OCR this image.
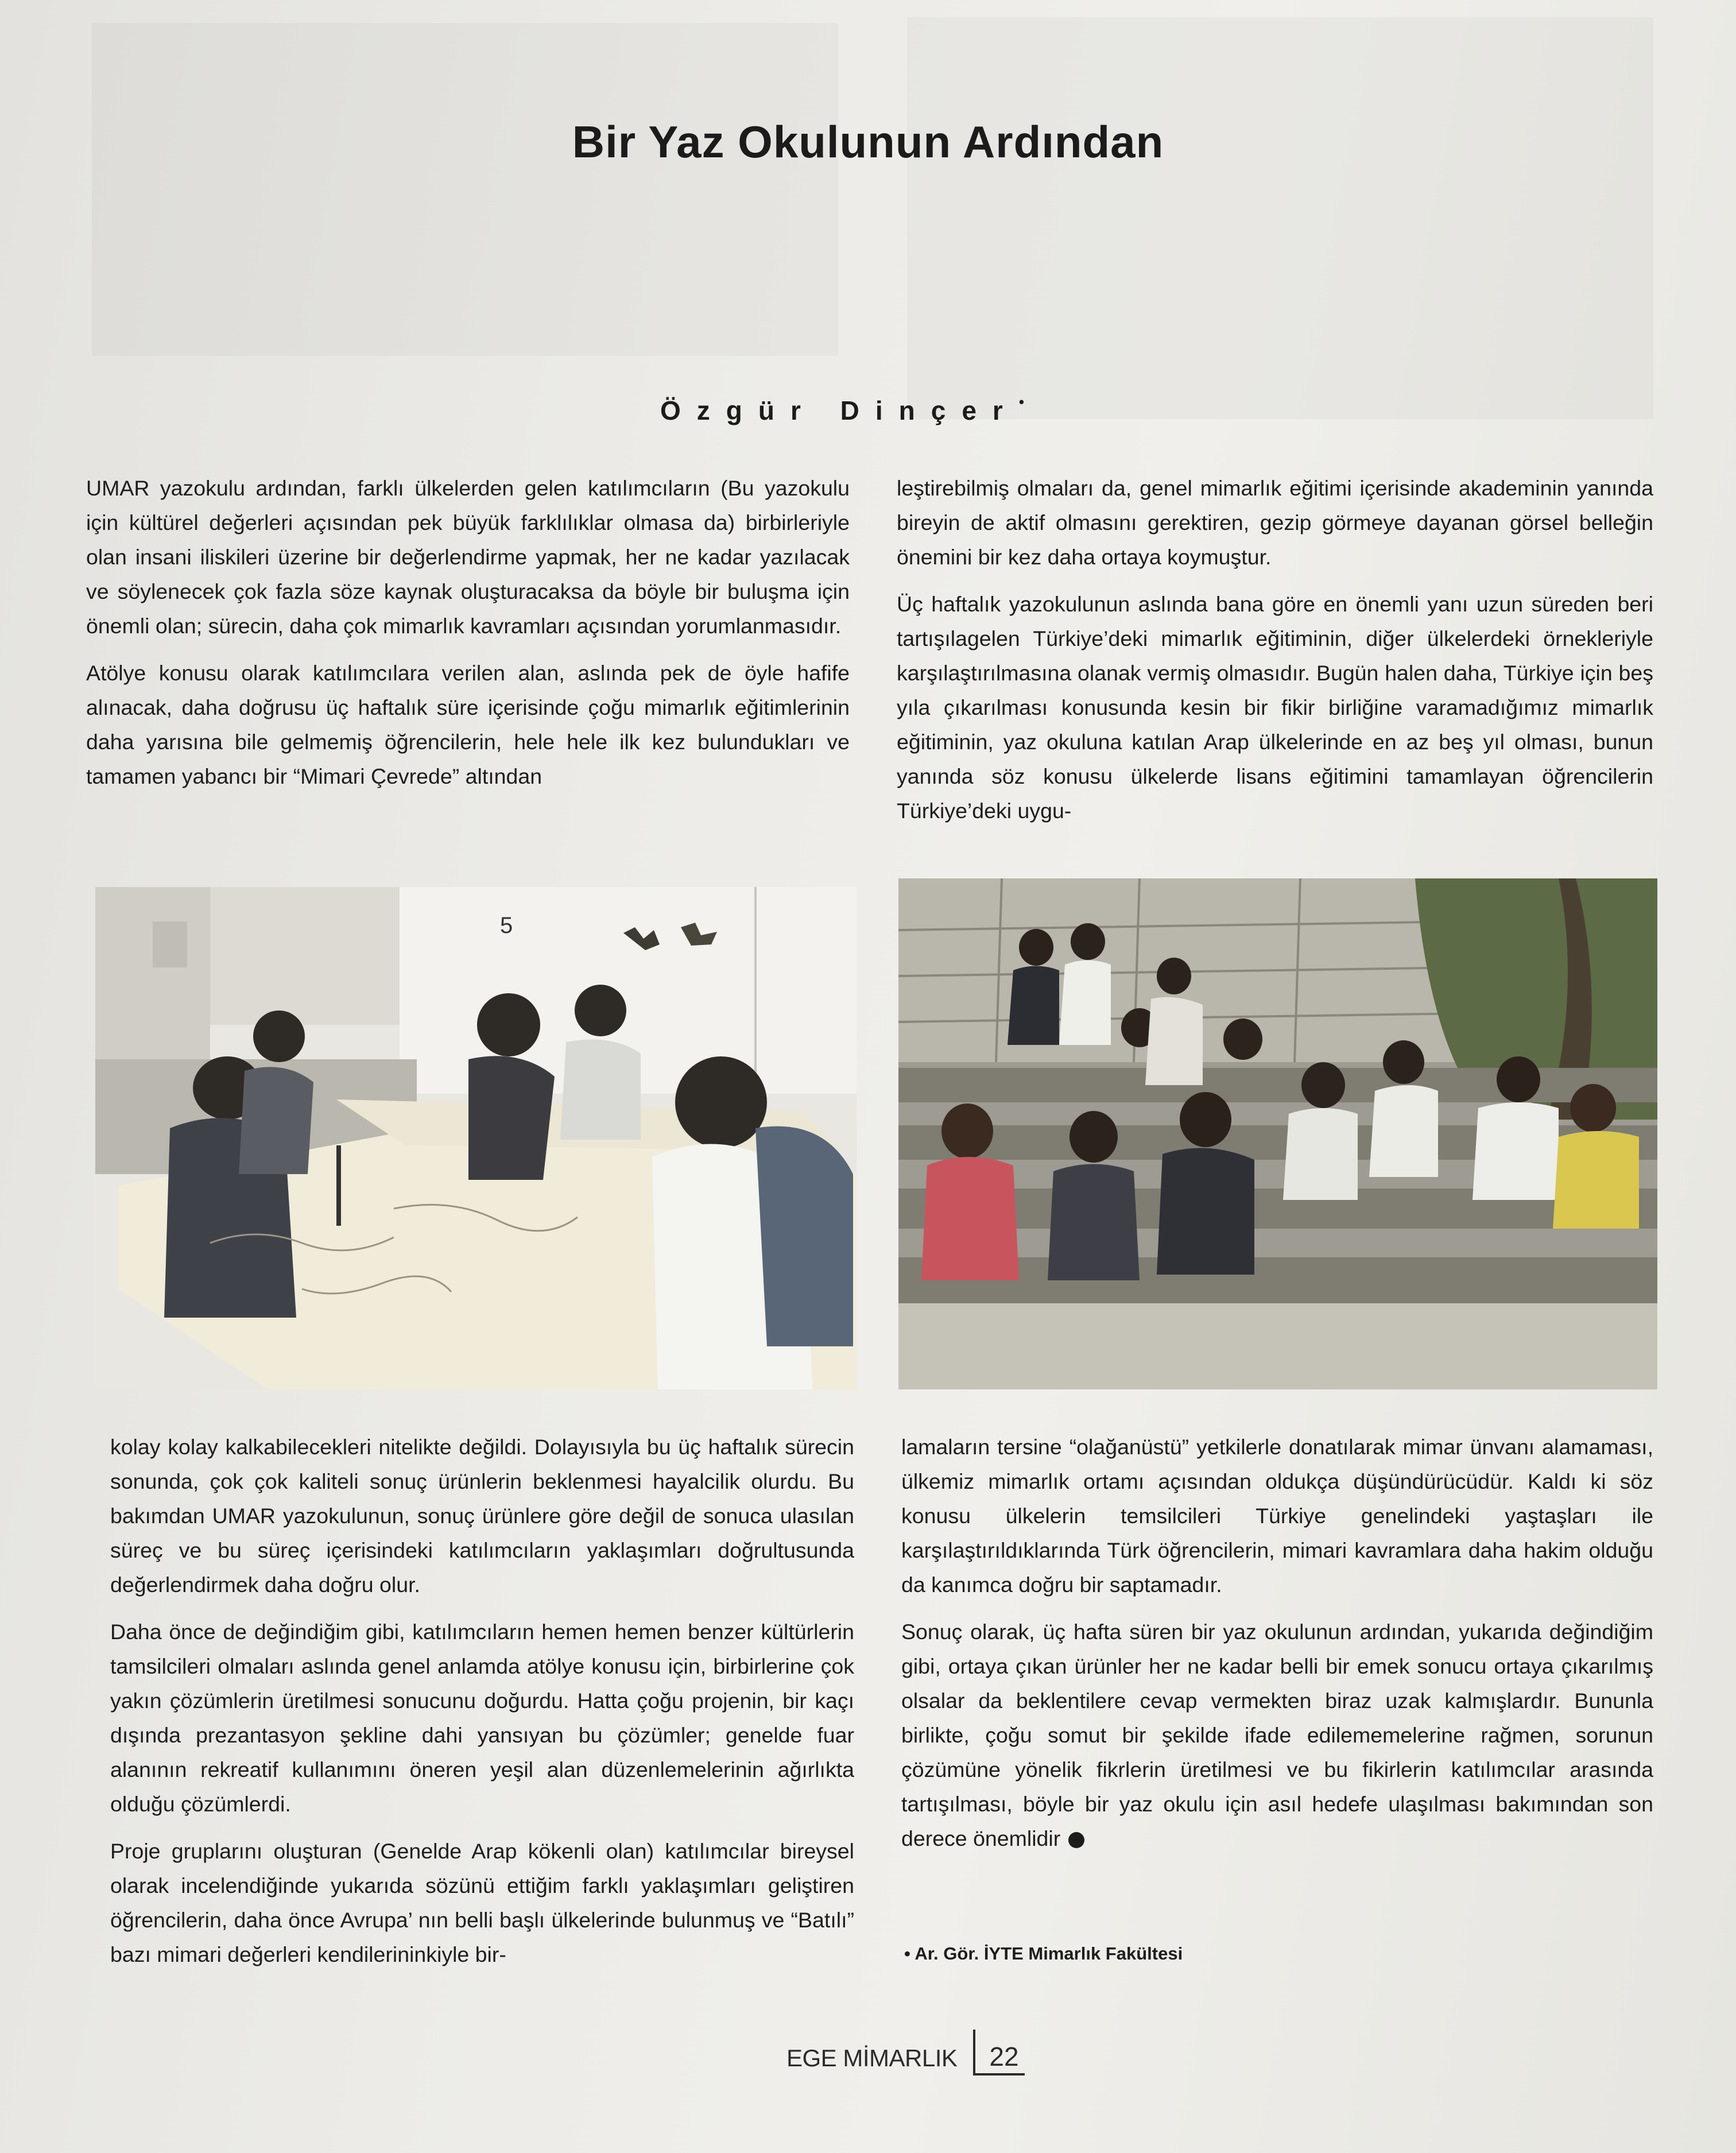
Bir Yaz Okulunun Ardından
Özgür Dinçer•

UMAR yazokulu ardından, farklı ülkelerden gelen katılımcıların (Bu yazokulu için kültürel değerleri açısından pek büyük farklılıklar olmasa da) birbirleriyle olan insani iliskileri üzerine bir değerlendirme yapmak, her ne kadar yazılacak ve söylenecek çok fazla söze kaynak oluşturacaksa da böyle bir buluşma için önemli olan; sürecin, daha çok mimarlık kavramları açısından yorumlanmasıdır.

Atölye konusu olarak katılımcılara verilen alan, aslında pek de öyle hafife alınacak, daha doğrusu üç haftalık süre içerisinde çoğu mimarlık eğitimlerinin daha yarısına bile gelmemiş öğrencilerin, hele hele ilk kez bulundukları ve tamamen yabancı bir “Mimari Çevrede” altından

leştirebilmiş olmaları da, genel mimarlık eğitimi içerisinde akademinin yanında bireyin de aktif olmasını gerektiren, gezip görmeye dayanan görsel belleğin önemini bir kez daha ortaya koymuştur.

Üç haftalık yazokulunun aslında bana göre en önemli yanı uzun süreden beri tartışılagelen Türkiye’deki mimarlık eğitiminin, diğer ülkelerdeki örnekleriyle karşılaştırılmasına olanak vermiş olmasıdır. Bugün halen daha, Türkiye için beş yıla çıkarılması konusunda kesin bir fikir birliğine varamadığımız mimarlık eğitiminin, yaz okuluna katılan Arap ülkelerinde en az beş yıl olması, bunun yanında söz konusu ülkelerde lisans eğitimini tamamlayan öğrencilerin Türkiye’deki uygu-

5

kolay kolay kalkabilecekleri nitelikte değildi. Dolayısıyla bu üç haftalık sürecin sonunda, çok çok kaliteli sonuç ürünlerin beklenmesi hayalcilik olurdu. Bu bakımdan UMAR yazokulunun, sonuç ürünlere göre değil de sonuca ulasılan süreç ve bu süreç içerisindeki katılımcıların yaklaşımları doğrultusunda değerlendirmek daha doğru olur.

Daha önce de değindiğim gibi, katılımcıların hemen hemen benzer kültürlerin tamsilcileri olmaları aslında genel anlamda atölye konusu için, birbirlerine çok yakın çözümlerin üretilmesi sonucunu doğurdu. Hatta çoğu projenin, bir kaçı dışında prezantasyon şekline dahi yansıyan bu çözümler; genelde fuar alanının rekreatif kullanımını öneren yeşil alan düzenlemelerinin ağırlıkta olduğu çözümlerdi.

Proje gruplarını oluşturan (Genelde Arap kökenli olan) katılımcılar bireysel olarak incelendiğinde yukarıda sözünü ettiğim farklı yaklaşımları geliştiren öğrencilerin, daha önce Avrupa’ nın belli başlı ülkelerinde bulunmuş ve “Batılı” bazı mimari değerleri kendilerininkiyle bir-

lamaların tersine “olağanüstü” yetkilerle donatılarak mimar ünvanı alamaması, ülkemiz mimarlık ortamı açısından oldukça düşündürücüdür. Kaldı ki söz konusu ülkelerin temsilcileri Türkiye genelindeki yaştaşları ile karşılaştırıldıklarında Türk öğrencilerin, mimari kavramlara daha hakim olduğu da kanımca doğru bir saptamadır.

Sonuç olarak, üç hafta süren bir yaz okulunun ardından, yukarıda değindiğim gibi, ortaya çıkan ürünler her ne kadar belli bir emek sonucu ortaya çıkarılmış olsalar da beklentilere cevap vermekten biraz uzak kalmışlardır. Bununla birlikte, çoğu somut bir şekilde ifade edilememelerine rağmen, sorunun çözümüne yönelik fikrlerin üretilmesi ve bu fikirlerin katılımcılar arasında tartışılması, böyle bir yaz okulu için asıl hedefe ulaşılması bakımından son derece önemlidir

• Ar. Gör. İYTE Mimarlık Fakültesi
EGE MİMARLIK	22
